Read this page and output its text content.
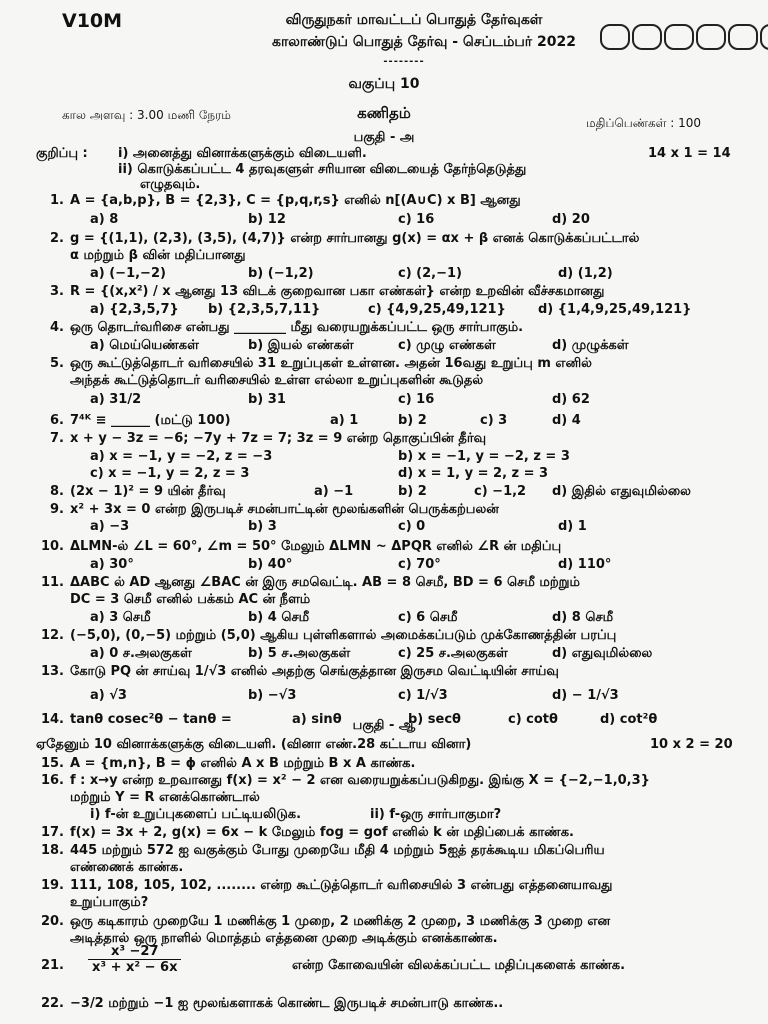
V10M	விருதுநகர் மாவட்டப் பொதுத் தேர்வுகள்
காலாண்டுப் பொதுத் தேர்வு - செப்டம்பர் 2022
--------
வகுப்பு 10
கால அளவு : 3.00 மணி நேரம்	கணிதம்
மதிப்பெண்கள் : 100
பகுதி - அ
குறிப்பு : i) அனைத்து வினாக்களுக்கும் விடையளி.	14 x 1 = 14
ii) கொடுக்கப்பட்ட 4 தரவுகளுள் சரியான விடையைத் தேர்ந்தெடுத்து
எழுதவும்.
1. A = {a,b,p}, B = {2,3}, C = {p,q,r,s} எனில் n[(A∪C) x B] ஆனது
a) 8	b) 12	c) 16	d) 20
2. g = {(1,1), (2,3), (3,5), (4,7)} என்ற சார்பானது g(x) = αx + β எனக் கொடுக்கப்பட்டால்
α மற்றும் β வின் மதிப்பானது
a) (−1,−2)	b) (−1,2)	c) (2,−1)	d) (1,2)
3. R = {(x,x²) / x ஆனது 13 விடக் குறைவான பகா எண்கள்} என்ற உறவின் வீச்சகமானது
a) {2,3,5,7} b) {2,3,5,7,11}	c) {4,9,25,49,121} d) {1,4,9,25,49,121}
4. ஒரு தொடர்வரிசை என்பது ________ மீது வரையறுக்கப்பட்ட ஒரு சார்பாகும்.
a) மெய்யெண்கள்	b) இயல் எண்கள்	c) முழு எண்கள்	d) முழுக்கள்
5. ஒரு கூட்டுத்தொடர் வரிசையில் 31 உறுப்புகள் உள்ளன. அதன் 16வது உறுப்பு m எனில்
அந்தக் கூட்டுத்தொடர் வரிசையில் உள்ள எல்லா உறுப்புகளின் கூடுதல்
a) 31/2	b) 31	c) 16	d) 62
6. 7⁴ᴷ ≡ ______ (மட்டு 100)	a) 1	b) 2	c) 3	d) 4
7. x + y − 3z = −6; −7y + 7z = 7; 3z = 9 என்ற தொகுப்பின் தீர்வு
a) x = −1, y = −2, z = −3	b) x = −1, y = −2, z = 3
c) x = −1, y = 2, z = 3	d) x = 1, y = 2, z = 3
8. (2x − 1)² = 9 யின் தீர்வு	a) −1	b) 2	c) −1,2 d) இதில் எதுவுமில்லை
9. x² + 3x = 0 என்ற இருபடிச் சமன்பாட்டின் மூலங்களின் பெருக்கற்பலன்
a) −3	b) 3	c) 0	d) 1
10. ΔLMN-ல் ∠L = 60°, ∠m = 50° மேலும் ΔLMN ~ ΔPQR எனில் ∠R ன் மதிப்பு
a) 30°	b) 40°	c) 70°	d) 110°
11. ΔABC ல் AD ஆனது ∠BAC ன் இரு சமவெட்டி. AB = 8 செமீ, BD = 6 செமீ மற்றும்
DC = 3 செமீ எனில் பக்கம் AC ன் நீளம்
a) 3 செமீ	b) 4 செமீ	c) 6 செமீ	d) 8 செமீ
12. (−5,0), (0,−5) மற்றும் (5,0) ஆகிய புள்ளிகளால் அமைக்கப்படும் முக்கோணத்தின் பரப்பு
a) 0 ச.அலகுகள்	b) 5 ச.அலகுகள்	c) 25 ச.அலகுகள்	d) எதுவுமில்லை
13. கோடு PQ ன் சாய்வு 1/√3 எனில் அதற்கு செங்குத்தான இருசம வெட்டியின் சாய்வு
a) √3	b) −√3	c) 1/√3	d) − 1/√3
14. tanθ cosec²θ − tanθ =	a) sinθ	b) secθ	c) cotθ	d) cot²θ
பகுதி - ஆ
ஏதேனும் 10 வினாக்களுக்கு விடையளி. (வினா எண்.28 கட்டாய வினா)	10 x 2 = 20
15. A = {m,n}, B = ϕ எனில் A x B மற்றும் B x A காண்க.
16. f : x→y என்ற உறவானது f(x) = x² − 2 என வரையறுக்கப்படுகிறது. இங்கு X = {−2,−1,0,3}
மற்றும் Y = R எனக்கொண்டால்
i) f-ன் உறுப்புகளைப் பட்டியலிடுக.	ii) f-ஒரு சார்பாகுமா?
17. f(x) = 3x + 2, g(x) = 6x − k மேலும் fog = gof எனில் k ன் மதிப்பைக் காண்க.
18. 445 மற்றும் 572 ஐ வகுக்கும் போது முறையே மீதி 4 மற்றும் 5ஐத் தரக்கூடிய மிகப்பெரிய
எண்ணைக் காண்க.
19. 111, 108, 105, 102, ........ என்ற கூட்டுத்தொடர் வரிசையில் 3 என்பது எத்தனையாவது
உறுப்பாகும்?
20. ஒரு கடிகாரம் முறையே 1 மணிக்கு 1 முறை, 2 மணிக்கு 2 முறை, 3 மணிக்கு 3 முறை என
அடித்தால் ஒரு நாளில் மொத்தம் எத்தனை முறை அடிக்கும் எனக்காண்க.
21.	என்ற கோவையின் விலக்கப்பட்ட மதிப்புகளைக் காண்க.
22. −3/2 மற்றும் −1 ஐ மூலங்களாகக் கொண்ட இருபடிச் சமன்பாடு காண்க..
$\frac{\text{x³ −27}}{\text{x³ + x² − 6x}}$
